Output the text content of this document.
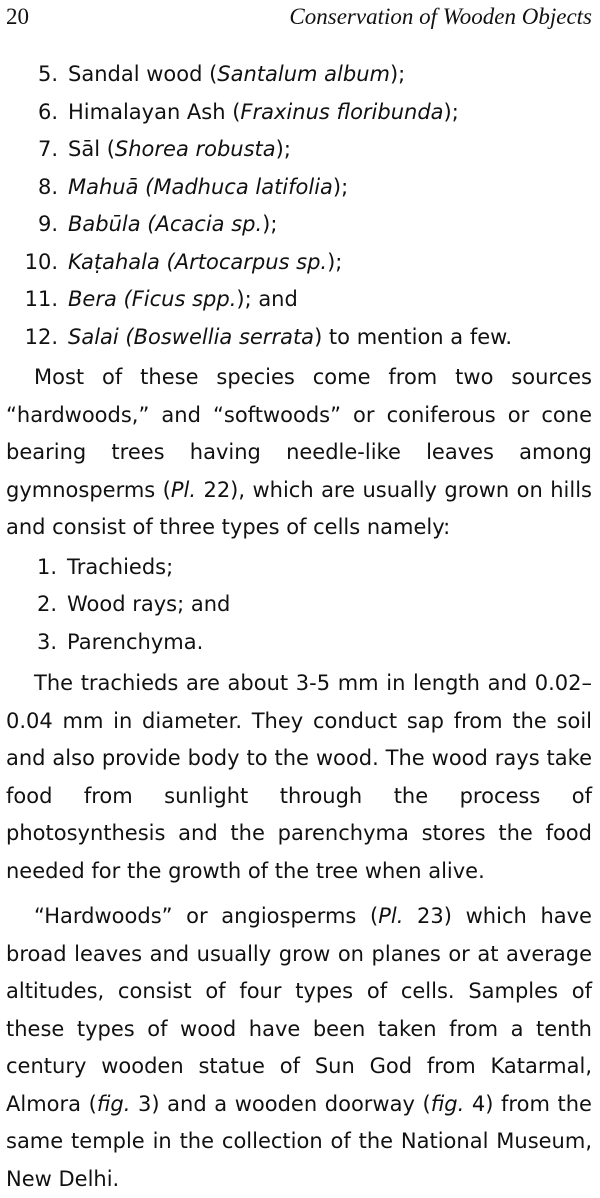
20	Conservation of Wooden Objects
5. Sandal wood (Santalum album);
6. Himalayan Ash (Fraxinus floribunda);
7. Sāl (Shorea robusta);
8. Mahuā (Madhuca latifolia);
9. Babūla (Acacia sp.);
10. Kaṭahala (Artocarpus sp.);
11. Bera (Ficus spp.); and
12. Salai (Boswellia serrata) to mention a few.

Most of these species come from two sources “hardwoods,” and “softwoods” or coniferous or cone bearing trees having needle-like leaves among gymnosperms (Pl. 22), which are usually grown on hills and consist of three types of cells namely:

1. Trachieds;
2. Wood rays; and
3. Parenchyma.

The trachieds are about 3-5 mm in length and 0.02–0.04 mm in diameter. They conduct sap from the soil and also provide body to the wood. The wood rays take food from sunlight through the process of photosynthesis and the parenchyma stores the food needed for the growth of the tree when alive.

“Hardwoods” or angiosperms (Pl. 23) which have broad leaves and usually grow on planes or at average altitudes, consist of four types of cells. Samples of these types of wood have been taken from a tenth century wooden statue of Sun God from Katarmal, Almora (fig. 3) and a wooden doorway (fig. 4) from the same temple in the collection of the National Museum, New Delhi.
